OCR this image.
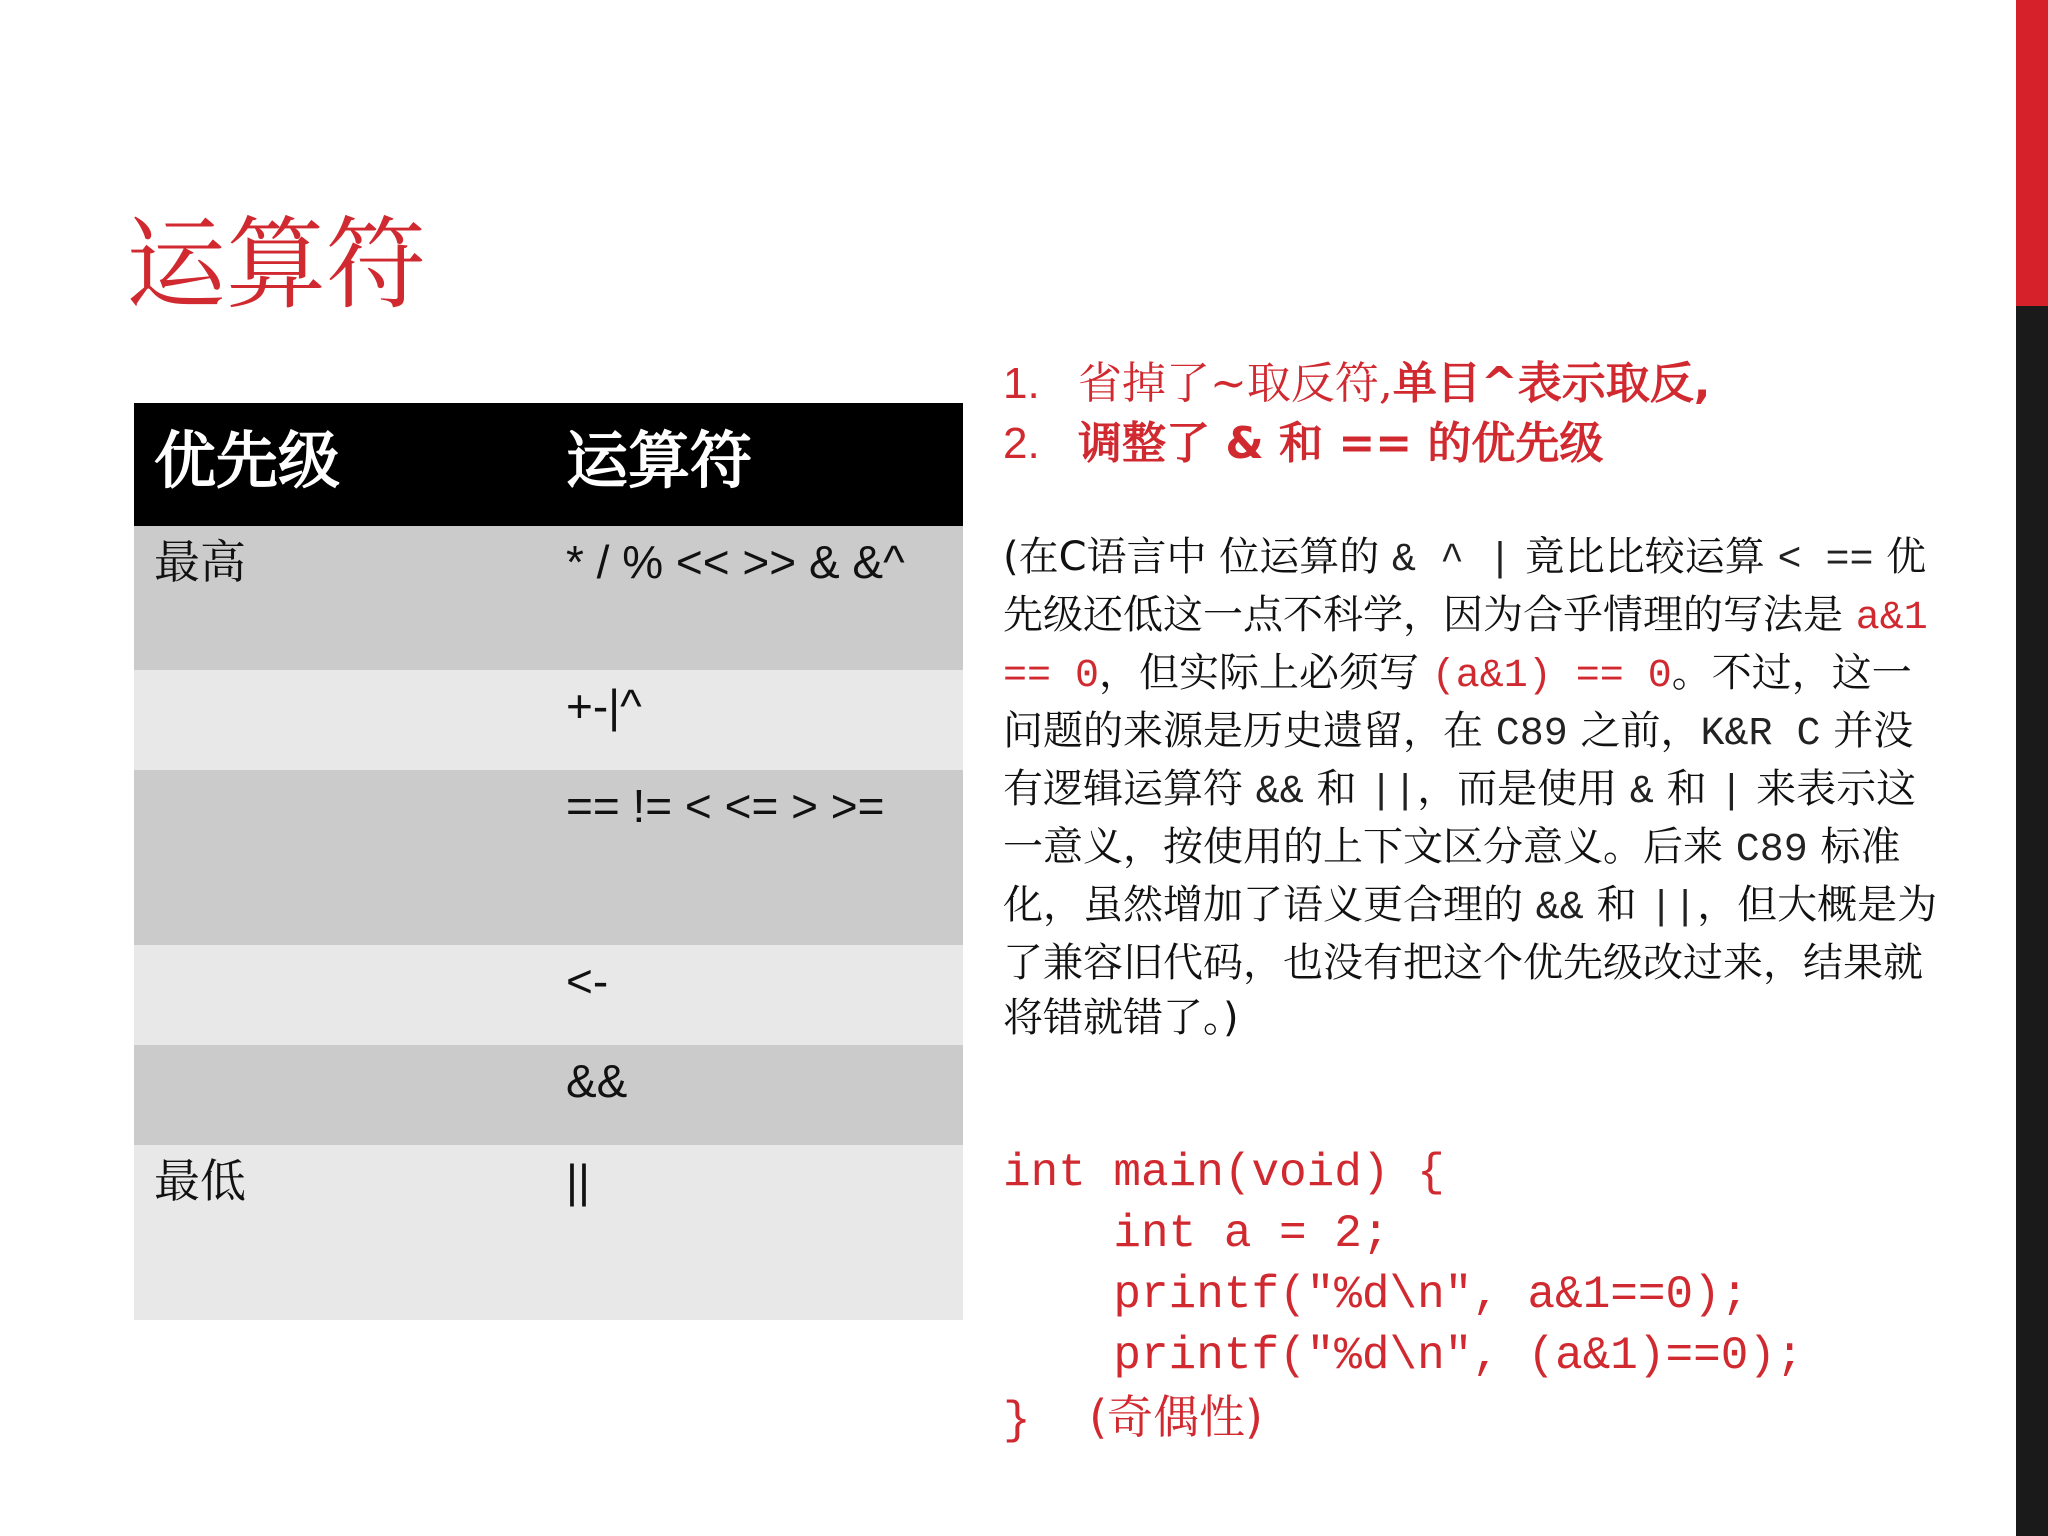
运算符
优先级	运算符
最高	* / % << >> & &^
	+-|^
	== != < <= > >=
	<-
	&&
最低	||
1. 省掉了~取反符,单目^表示取反,
2. 调整了 & 和 == 的优先级

(在C语言中 位运算的 & ^ | 竟比比较运算 < == 优先级还低这一点不科学，因为合乎情理的写法是 a&1 == 0，但实际上必须写 (a&1) == 0。不过，这一问题的来源是历史遗留，在 C89 之前，K&R C 并没有逻辑运算符 && 和 ||，而是使用 & 和 | 来表示这一意义，按使用的上下文区分意义。后来 C89 标准化，虽然增加了语义更合理的 && 和 ||，但大概是为了兼容旧代码，也没有把这个优先级改过来，结果就将错就错了。)

int main(void) {
int a = 2;
printf("%d\n", a&1==0);
printf("%d\n", (a&1)==0);
}    (奇偶性)
